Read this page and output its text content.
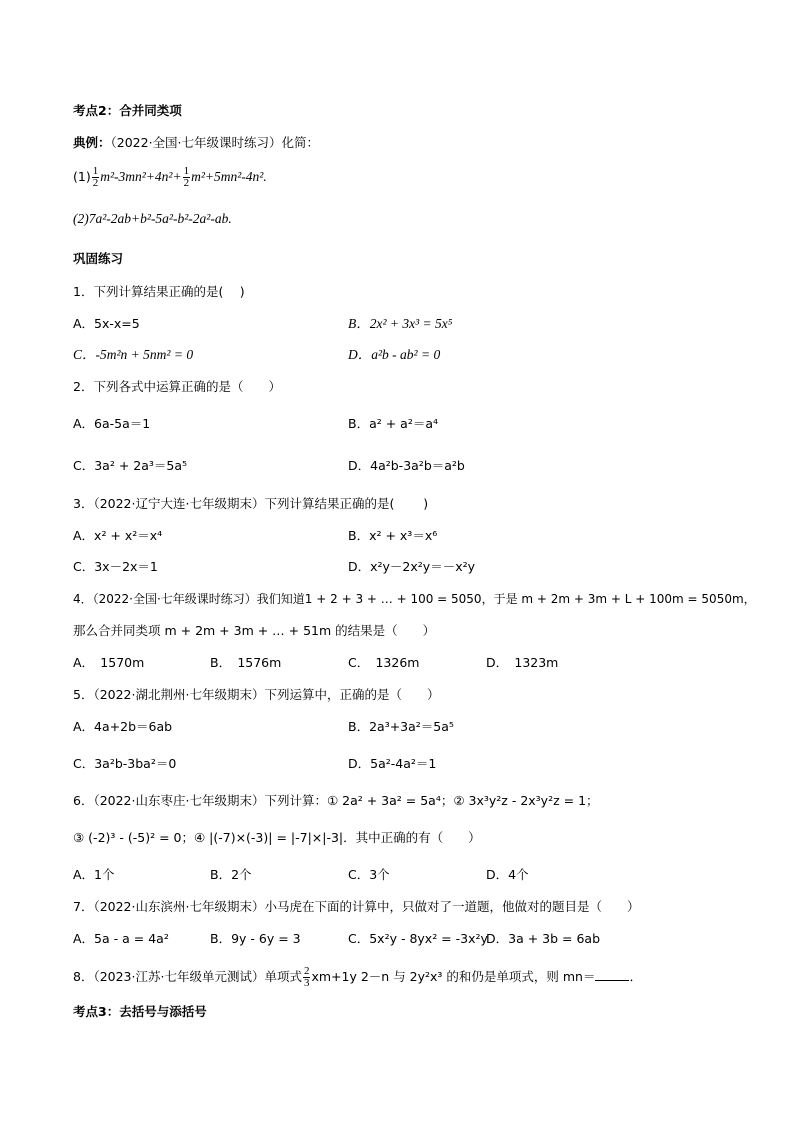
考点2：合并同类项
典例：（2022·全国·七年级课时练习）化简：
$(1) \frac{1}{2} m^2-3mn^2+4n^2+ \frac{1}{2} m^2+5mn^2-4n^2$.
(2)7a²-2ab+b²-5a²-b²-2a²-ab.
巩固练习
1．下列计算结果正确的是(　 )
A．5x-x=5	B．2x² + 3x³ = 5x⁵
C．-5m²n + 5nm² = 0	D．a²b - ab² = 0
2．下列各式中运算正确的是（　　）
A．6a-5a＝1	B．a² + a²＝a⁴
C．3a² + 2a³＝5a⁵	D．4a²b-3a²b＝a²b
3．（2022·辽宁大连·七年级期末）下列计算结果正确的是(　　 )
A．x² + x²＝x⁴	B．x² + x³＝x⁶
C．3x－2x＝1	D．x²y－2x²y＝－x²y
4．（2022·全国·七年级课时练习）我们知道1 + 2 + 3 + … + 100 = 5050，于是 m + 2m + 3m + L + 100m = 5050m，
那么合并同类项 m + 2m + 3m + … + 51m 的结果是（　　）
A．　1570m	B．　1576m	C．　1326m	D．　1323m
5．（2022·湖北荆州·七年级期末）下列运算中，正确的是（　　）
A．4a+2b＝6ab	B．2a³+3a²＝5a⁵
C．3a²b-3ba²＝0	D．5a²-4a²＝1
6．（2022·山东枣庄·七年级期末）下列计算：① 2a² + 3a² = 5a⁴；② 3x³y²z - 2x³y²z = 1；
③ (-2)³ - (-5)² = 0；④ |(-7)×(-3)| = |-7|×|-3|．其中正确的有（　　）
A．1个	B．2个	C．3个	D．4个
7．（2022·山东滨州·七年级期末）小马虎在下面的计算中，只做对了一道题，他做对的题目是（　　）
A．5a - a = 4a²	B．9y - 6y = 3	C．5x²y - 8yx² = -3x²y
D．3a + 3b = 6ab
8．（2023·江苏·七年级单元测试）单项式 $\frac{2}{3} xm+1y$ 2－n 与 2y²x³ 的和仍是单项式，则 mn＝	．
考点3：去括号与添括号
